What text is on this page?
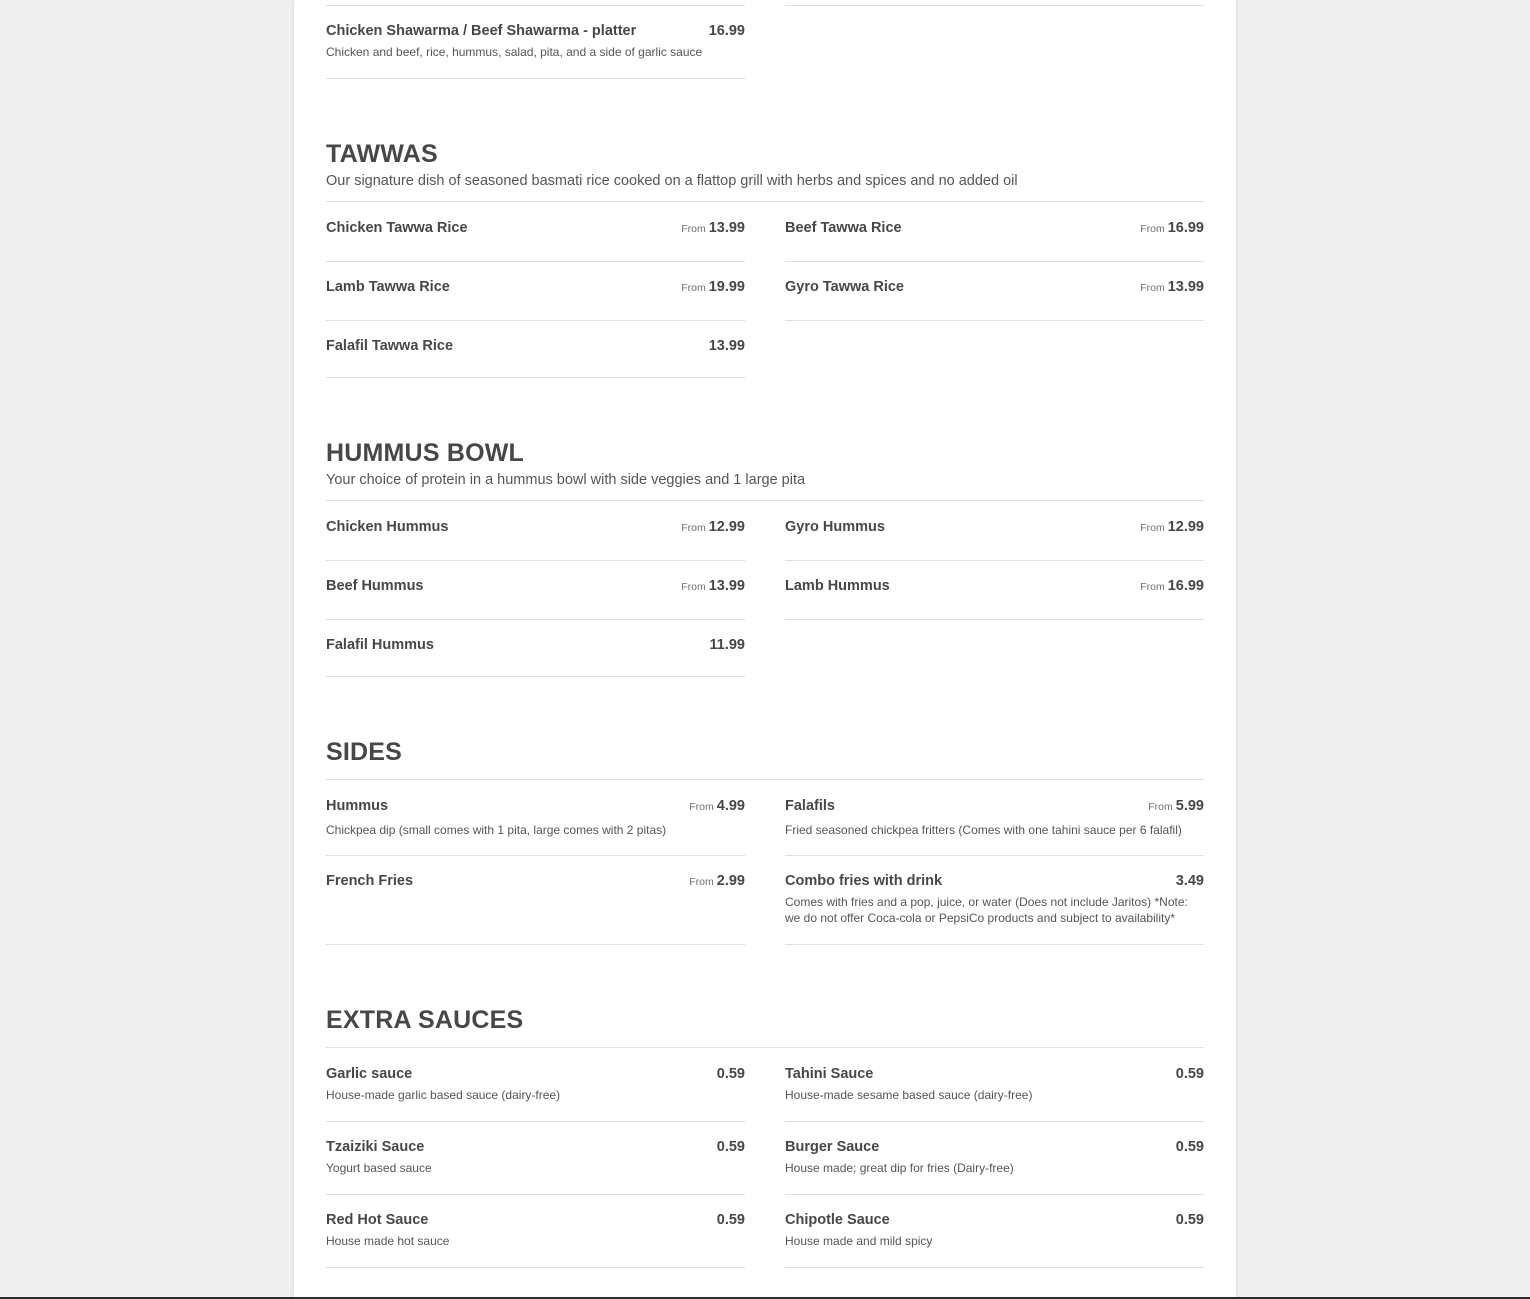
Chicken Shawarma / Beef Shawarma - platter	16.99
Chicken and beef, rice, hummus, salad, pita, and a side of garlic sauce
TAWWAS
Our signature dish of seasoned basmati rice cooked on a flattop grill with herbs and spices and no added oil
Chicken Tawwa Rice	From 13.99	Beef Tawwa Rice	From 16.99
Lamb Tawwa Rice	From 19.99	Gyro Tawwa Rice	From 13.99
Falafil Tawwa Rice	13.99
HUMMUS BOWL
Your choice of protein in a hummus bowl with side veggies and 1 large pita
Chicken Hummus	From 12.99	Gyro Hummus	From 12.99
Beef Hummus	From 13.99	Lamb Hummus	From 16.99
Falafil Hummus	11.99
SIDES
Hummus	From 4.99
Chickpea dip (small comes with 1 pita, large comes with 2 pitas)
Falafils	From 5.99
Fried seasoned chickpea fritters (Comes with one tahini sauce per 6 falafil)
French Fries	From 2.99	Combo fries with drink	3.49
Comes with fries and a pop, juice, or water (Does not include Jaritos) *Note: we do not offer Coca-cola or PepsiCo products and subject to availability*
EXTRA SAUCES
Garlic sauce	0.59
House-made garlic based sauce (dairy-free)
Tahini Sauce	0.59
House-made sesame based sauce (dairy-free)
Tzaiziki Sauce	0.59
Yogurt based sauce
Burger Sauce	0.59
House made; great dip for fries (Dairy-free)
Red Hot Sauce	0.59
House made hot sauce
Chipotle Sauce	0.59
House made and mild spicy
